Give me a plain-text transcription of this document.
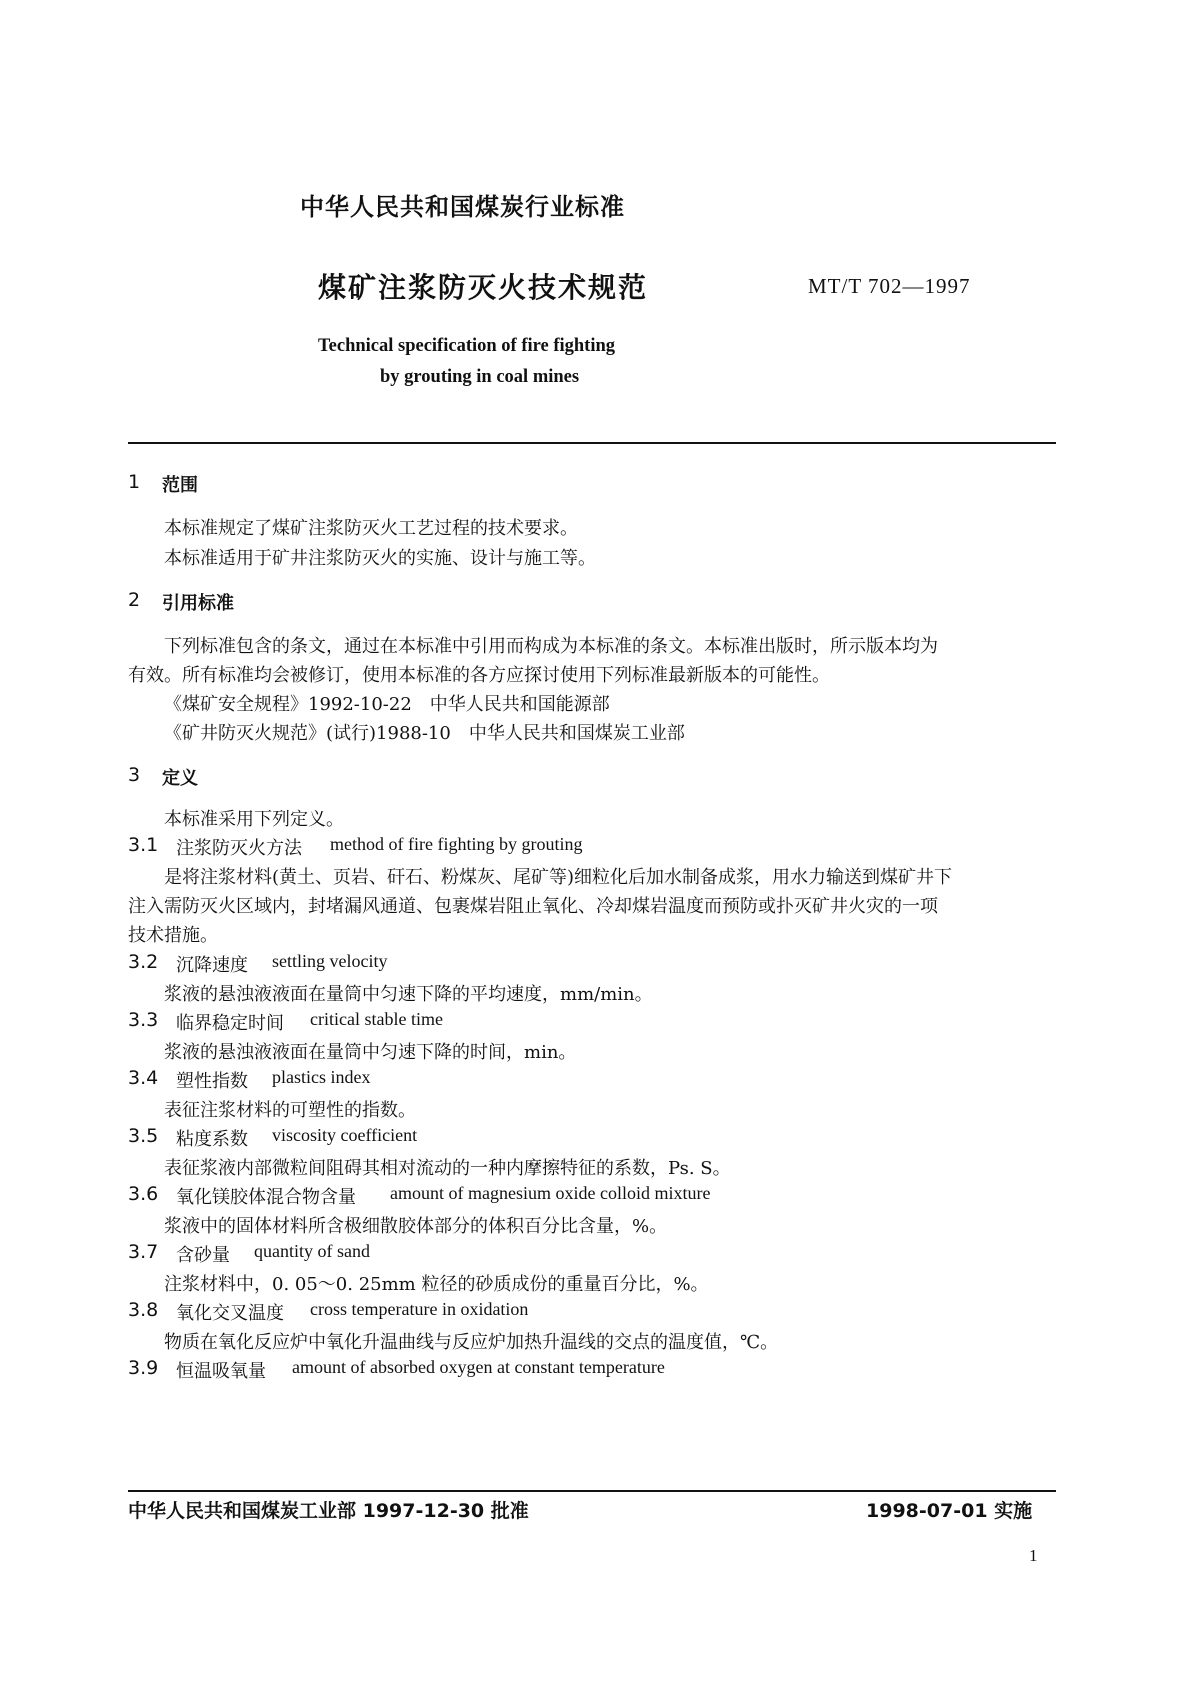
中华人民共和国煤炭行业标准
煤矿注浆防灭火技术规范	MT/T 702—1997
Technical specification of fire fighting
by grouting in coal mines
1 范围
本标准规定了煤矿注浆防灭火工艺过程的技术要求。
本标准适用于矿井注浆防灭火的实施、设计与施工等。
2 引用标准
下列标准包含的条文，通过在本标准中引用而构成为本标准的条文。本标准出版时，所示版本均为
有效。所有标准均会被修订，使用本标准的各方应探讨使用下列标准最新版本的可能性。
《煤矿安全规程》1992-10-22　中华人民共和国能源部
《矿井防灭火规范》(试行)1988-10　中华人民共和国煤炭工业部
3 定义
本标准采用下列定义。
3.1 注浆防灭火方法 method of fire fighting by grouting
是将注浆材料(黄土、页岩、矸石、粉煤灰、尾矿等)细粒化后加水制备成浆，用水力输送到煤矿井下
注入需防灭火区域内，封堵漏风通道、包裹煤岩阻止氧化、冷却煤岩温度而预防或扑灭矿井火灾的一项
技术措施。
3.2 沉降速度 settling velocity
浆液的悬浊液液面在量筒中匀速下降的平均速度，mm/min。
3.3 临界稳定时间 critical stable time
浆液的悬浊液液面在量筒中匀速下降的时间，min。
3.4 塑性指数 plastics index
表征注浆材料的可塑性的指数。
3.5 粘度系数 viscosity coefficient
表征浆液内部微粒间阻碍其相对流动的一种内摩擦特征的系数，Ps. S。
3.6 氧化镁胶体混合物含量 amount of magnesium oxide colloid mixture
浆液中的固体材料所含极细散胶体部分的体积百分比含量，%。
3.7 含砂量 quantity of sand
注浆材料中，0. 05～0. 25mm 粒径的砂质成份的重量百分比，%。
3.8 氧化交叉温度 cross temperature in oxidation
物质在氧化反应炉中氧化升温曲线与反应炉加热升温线的交点的温度值，℃。
3.9 恒温吸氧量 amount of absorbed oxygen at constant temperature
中华人民共和国煤炭工业部 1997-12-30 批准	1998-07-01 实施
1
